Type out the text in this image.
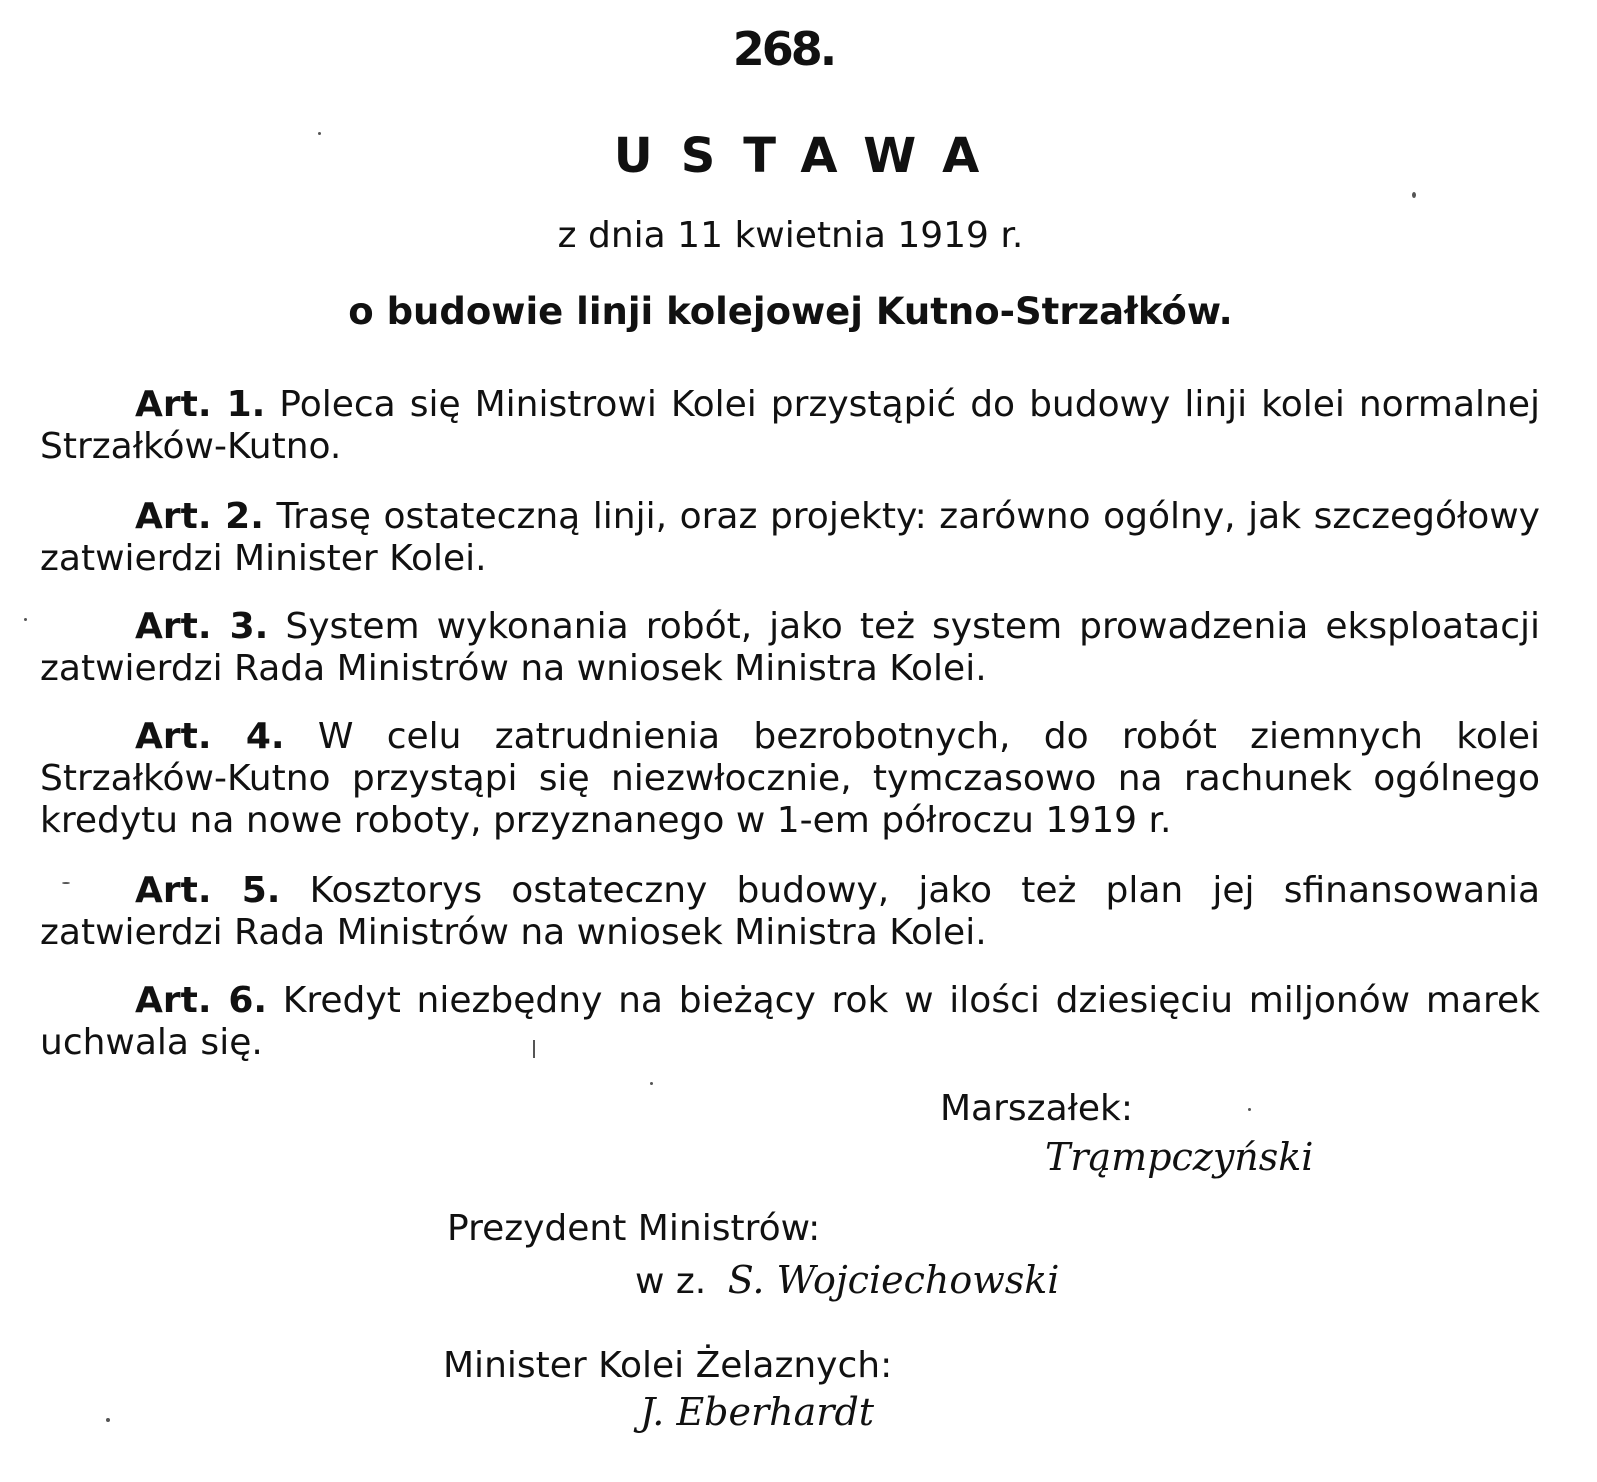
268.
USTAWA
z dnia 11 kwietnia 1919 r.
o budowie linji kolejowej Kutno-Strzałków.
Art. 1. Poleca się Ministrowi Kolei przystąpić do budowy linji kolei normalnej Strzałków-Kutno.
Art. 2. Trasę ostateczną linji, oraz projekty: zarówno ogólny, jak szczegółowy zatwierdzi Minister Kolei.
Art. 3. System wykonania robót, jako też system prowadzenia eksploatacji zatwierdzi Rada Ministrów na wniosek Ministra Kolei.
Art. 4. W celu zatrudnienia bezrobotnych, do robót ziemnych kolei Strzałków-Kutno przystąpi się niezwłocznie, tymczasowo na rachunek ogólnego kredytu na nowe roboty, przyznanego w 1-em półroczu 1919 r.
Art. 5. Kosztorys ostateczny budowy, jako też plan jej sfinansowania zatwierdzi Rada Ministrów na wniosek Ministra Kolei.
Art. 6. Kredyt niezbędny na bieżący rok w ilości dziesięciu miljonów marek uchwala się.
Marszałek:
Trąmpczyński
Prezydent Ministrów:
w z. S. Wojciechowski
Minister Kolei Żelaznych:
J. Eberhardt
